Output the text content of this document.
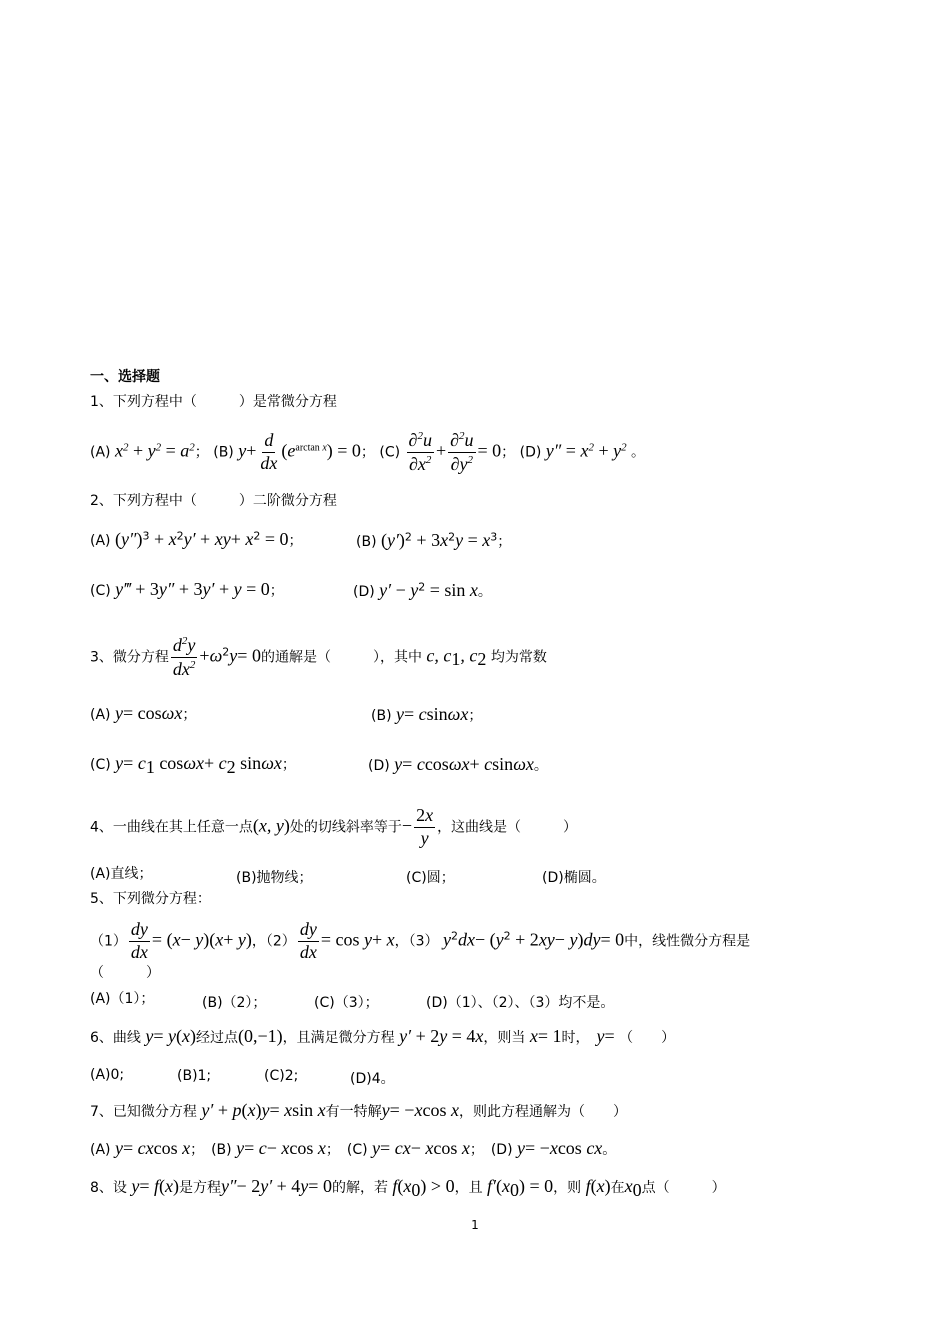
一、选择题
1、下列方程中（　　　）是常微分方程
(A) $x^2 + y^2 = a^2$； (B) $y+ \frac{d}{dx} (e^{arctan x}) = 0$； $(C) \frac{\partial^2u}{\partial x^2} + \frac{\partial^2u}{\partial y^2} = 0$； (D) $y'' = x^2 + y^2$ 。
2、下列方程中（　　　）二阶微分方程
(A) $(y'')^3 + x^2y' + xy+ x^2 = 0$；	(B) $(y')^2 + 3x^2y = x^3$；
(C) y‴ + 3y″ + 3y′ + y = 0；	(D) $y' - y^2 = \sin x$。
3、微分方程 $\frac{d^2y}{dx^2} +\omega^2y= 0$的通解是（　　　），其中 c, $c_1$, $c_2$ 均为常数
(A) y= cosωx；	(B) y= csinωx；
(C) $y= c_1$ $\cos\omega x+ c_2$ sinωx；	(D) y= ccosωx+ csinωx。
4、一曲线在其上任意一点(x, y)处的切线斜率等于− $\frac{2x}{y}$ ，这曲线是（　　　）
(A)直线；	(B)抛物线；	(C)圆；	(D)椭圆。
5、下列微分方程：
$(1) \frac{dy}{dx} = (x- y)(x+ y)$，$(2) \frac{dy}{dx} = \cos y+ x$，（3） $y^2dx- (y^2 + 2xy- y)dy= 0$中，线性微分方程是
（　　　）
(A)（1）；	(B)（2）；	(C)（3）；	(D)（1）、（2）、（3）均不是。
6、曲线 y= y(x)经过点(0,−1)，且满足微分方程 y′ + 2y = 4x，则当 x= 1时，　 y= （　　）
(A)0;	(B)1;	(C)2;	(D)4。
7、已知微分方程 y′ + p(x)y= xsin x有一特解y= −xcos x，则此方程通解为（　　）
(A) y= cxcos x；　(B) y= c− xcos x；　(C) y= cx− xcos x；　(D) y= −xcos cx。
8、设 y= f(x)是方程y″− 2y′ + 4y= 0的解，若 $f(x_0) > 0$，且 $f'(x_0) = 0$，则 f(x)在$x_0$点（　　　）
1
